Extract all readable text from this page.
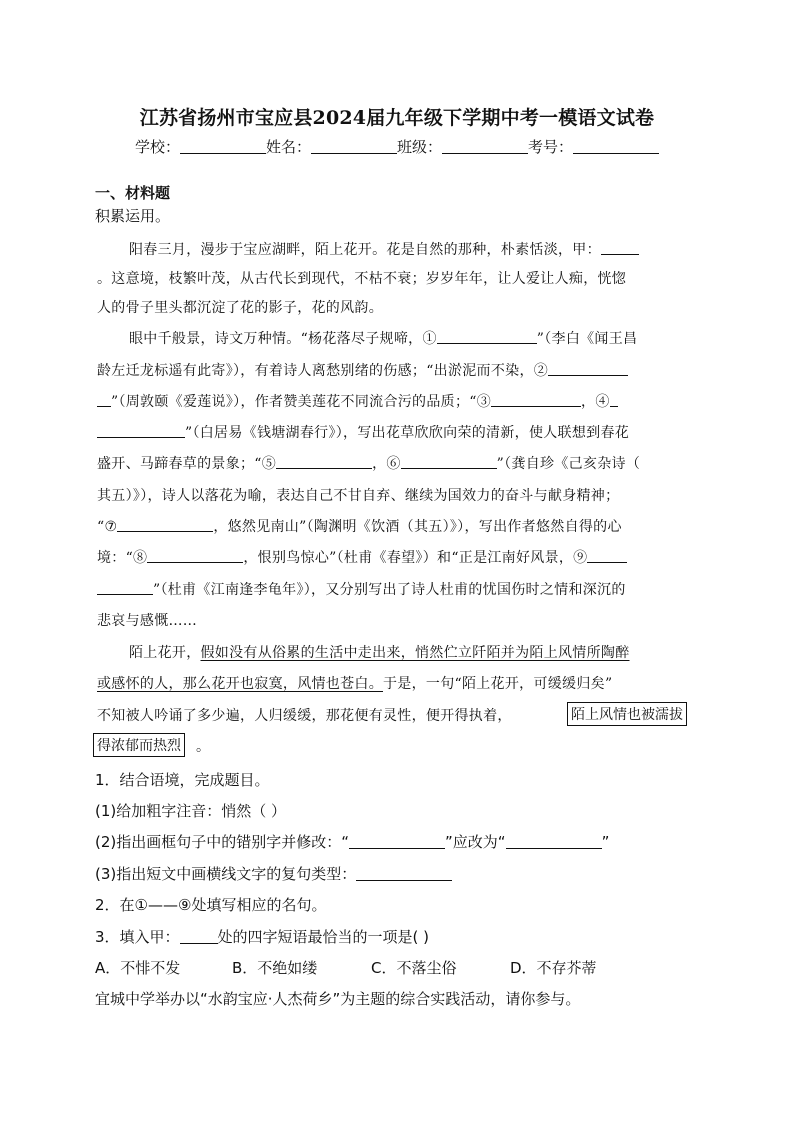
江苏省扬州市宝应县2024届九年级下学期中考一模语文试卷
学校：	姓名：	班级：	考号：
一、材料题
积累运用。
阳春三月，漫步于宝应湖畔，陌上花开。花是自然的那种，朴素恬淡，甲：
。这意境，枝繁叶茂，从古代长到现代，不枯不衰；岁岁年年，让人爱让人痴，恍惚
人的骨子里头都沉淀了花的影子，花的风韵。
眼中千般景，诗文万种情。“杨花落尽子规啼，①	”（李白《闻王昌
龄左迁龙标遥有此寄》），有着诗人离愁别绪的伤感；“出淤泥而不染，②
”（周敦颐《爱莲说》），作者赞美莲花不同流合污的品质；“③	，④
”（白居易《钱塘湖春行》），写出花草欣欣向荣的清新，使人联想到春花
盛开、马蹄春草的景象；“⑤	，⑥	”（龚自珍《己亥杂诗（
其五）》），诗人以落花为喻，表达自己不甘自弃、继续为国效力的奋斗与献身精神；
“⑦	，悠然见南山”（陶渊明《饮酒（其五）》），写出作者悠然自得的心
境：“⑧	，恨别鸟惊心”（杜甫《春望》）和“正是江南好风景，⑨
”（杜甫《江南逢李龟年》），又分别写出了诗人杜甫的忧国伤时之情和深沉的
悲哀与感慨……
陌上花开，假如没有从俗累的生活中走出来，悄然伫立阡陌并为陌上风情所陶醉
或感怀的人，那么花开也寂寞，风情也苍白。于是，一句“陌上花开，可缓缓归矣”
不知被人吟诵了多少遍，人归缓缓，那花便有灵性，便开得执着，	陌上风情也被濡拔
得浓郁而热烈 。
1．结合语境，完成题目。
(1)给加粗字注音：悄然（ ）
(2)指出画框句子中的错别字并修改：“	”应改为“	”
(3)指出短文中画横线文字的复句类型：
2．在①——⑨处填写相应的名句。
3．填入甲：	处的四字短语最恰当的一项是( )
A．不悱不发	B．不绝如缕	C．不落尘俗	D．不存芥蒂
宜城中学举办以“水韵宝应·人杰荷乡”为主题的综合实践活动，请你参与。
